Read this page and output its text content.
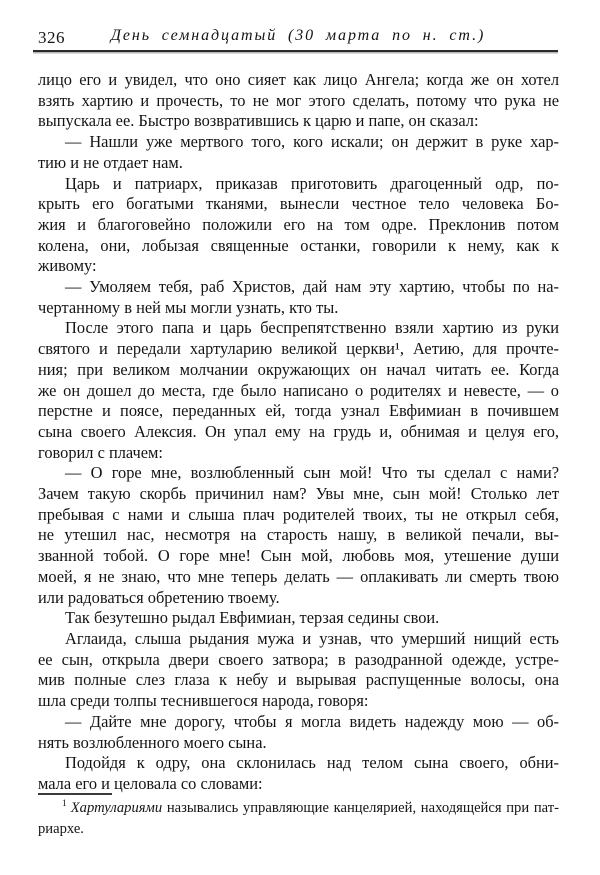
326	День семнадцатый (30 марта по н. ст.)
лицо его и увидел, что оно сияет как лицо Ангела; когда же он хотел
взять хартию и прочесть, то не мог этого сделать, потому что рука не
выпускала ее. Быстро возвратившись к царю и папе, он сказал:
— Нашли уже мертвого того, кого искали; он держит в руке хар-
тию и не отдает нам.
Царь и патриарх, приказав приготовить драгоценный одр, по-
крыть его богатыми тканями, вынесли честное тело человека Бо-
жия и благоговейно положили его на том одре. Преклонив потом
колена, они, лобызая священные останки, говорили к нему, как к
живому:
— Умоляем тебя, раб Христов, дай нам эту хартию, чтобы по на-
чертанному в ней мы могли узнать, кто ты.
После этого папа и царь беспрепятственно взяли хартию из руки
святого и передали хартуларию великой церкви¹, Аетию, для прочте-
ния; при великом молчании окружающих он начал читать ее. Когда
же он дошел до места, где было написано о родителях и невесте, — о
перстне и поясе, переданных ей, тогда узнал Евфимиан в почившем
сына своего Алексия. Он упал ему на грудь и, обнимая и целуя его,
говорил с плачем:
— О горе мне, возлюбленный сын мой! Что ты сделал с нами?
Зачем такую скорбь причинил нам? Увы мне, сын мой! Столько лет
пребывая с нами и слыша плач родителей твоих, ты не открыл себя,
не утешил нас, несмотря на старость нашу, в великой печали, вы-
званной тобой. О горе мне! Сын мой, любовь моя, утешение души
моей, я не знаю, что мне теперь делать — оплакивать ли смерть твою
или радоваться обретению твоему.
Так безутешно рыдал Евфимиан, терзая седины свои.
Аглаида, слыша рыдания мужа и узнав, что умерший нищий есть
ее сын, открыла двери своего затвора; в разодранной одежде, устре-
мив полные слез глаза к небу и вырывая распущенные волосы, она
шла среди толпы теснившегося народа, говоря:
— Дайте мне дорогу, чтобы я могла видеть надежду мою — об-
нять возлюбленного моего сына.
Подойдя к одру, она склонилась над телом сына своего, обни-
мала его и целовала со словами:
$^1$ Хартулариями назывались управляющие канцелярией, находящейся при пат-
риархе.
